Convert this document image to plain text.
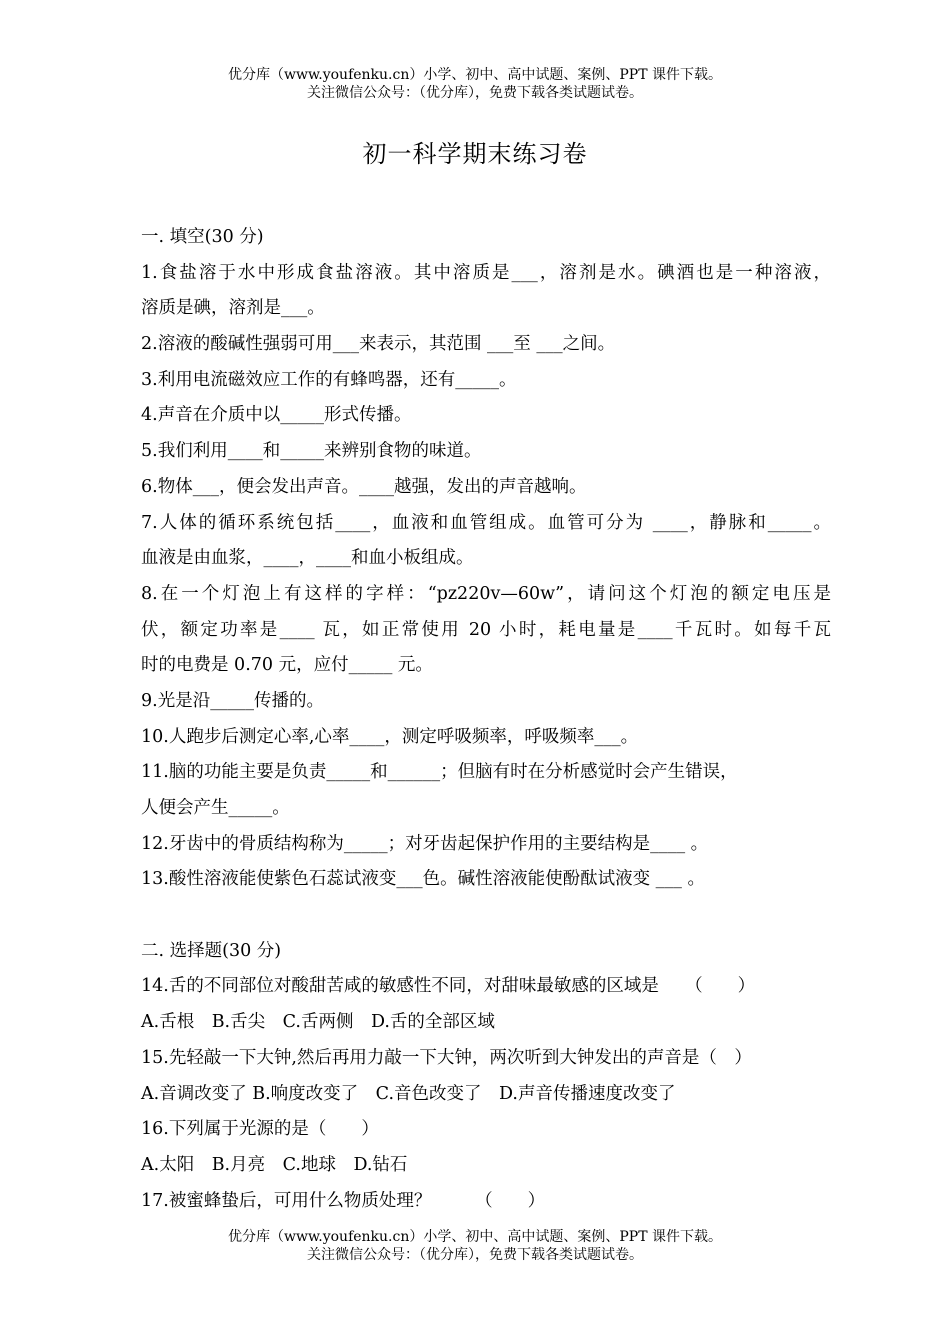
优分库（www.youfenku.cn）小学、初中、高中试题、案例、PPT 课件下载。
关注微信公众号：（优分库），免费下载各类试题试卷。
初一科学期末练习卷
一. 填空(30 分)
1.食盐溶于水中形成食盐溶液。其中溶质是___，溶剂是水。碘酒也是一种溶液，
溶质是碘，溶剂是___。
2.溶液的酸碱性强弱可用___来表示，其范围 ___至 ___之间。
3.利用电流磁效应工作的有蜂鸣器，还有_____。
4.声音在介质中以_____形式传播。
5.我们利用____和_____来辨别食物的味道。
6.物体___，便会发出声音。____越强，发出的声音越响。
7.人体的循环系统包括____，血液和血管组成。血管可分为 ____，静脉和_____。
血液是由血浆，____，____和血小板组成。
8.在一个灯泡上有这样的字样：“pz220v—60w”，请问这个灯泡的额定电压是
伏，额定功率是____ 瓦，如正常使用 20 小时，耗电量是____千瓦时。如每千瓦
时的电费是 0.70 元，应付_____ 元。
9.光是沿_____传播的。
10.人跑步后测定心率,心率____，测定呼吸频率，呼吸频率___。
11.脑的功能主要是负责_____和______；但脑有时在分析感觉时会产生错误，
人便会产生_____。
12.牙齿中的骨质结构称为_____；对牙齿起保护作用的主要结构是____ 。
13.酸性溶液能使紫色石蕊试液变___色。碱性溶液能使酚酞试液变 ___ 。
二. 选择题(30 分)
14.舌的不同部位对酸甜苦咸的敏感性不同，对甜味最敏感的区域是　　（　　）
A.舌根　B.舌尖　C.舌两侧　D.舌的全部区域
15.先轻敲一下大钟,然后再用力敲一下大钟，两次听到大钟发出的声音是（　）
A.音调改变了 B.响度改变了　C.音色改变了　D.声音传播速度改变了
16.下列属于光源的是（　　）
A.太阳　B.月亮　C.地球　D.钻石
17.被蜜蜂蛰后，可用什么物质处理？　　　（　　）
优分库（www.youfenku.cn）小学、初中、高中试题、案例、PPT 课件下载。
关注微信公众号：（优分库），免费下载各类试题试卷。
